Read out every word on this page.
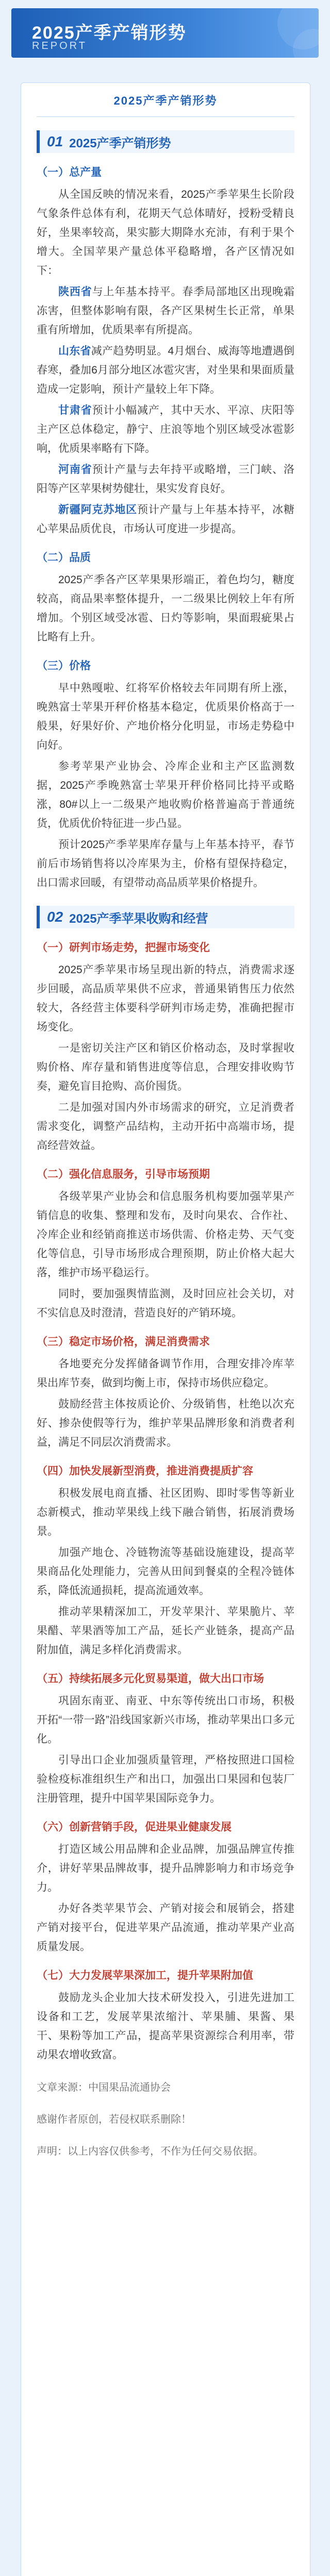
2025产季产销形势
REPORT
2025产季产销形势
01 2025产季产销形势
（一）总产量

从全国反映的情况来看，2025产季苹果生长阶段气象条件总体有利，花期天气总体晴好，授粉受精良好，坐果率较高，果实膨大期降水充沛，有利于果个增大。全国苹果产量总体平稳略增，各产区情况如下：

陕西省与上年基本持平。春季局部地区出现晚霜冻害，但整体影响有限，各产区果树生长正常，单果重有所增加，优质果率有所提高。

山东省减产趋势明显。4月烟台、威海等地遭遇倒春寒，叠加6月部分地区冰雹灾害，对坐果和果面质量造成一定影响，预计产量较上年下降。

甘肃省预计小幅减产，其中天水、平凉、庆阳等主产区总体稳定，静宁、庄浪等地个别区域受冰雹影响，优质果率略有下降。

河南省预计产量与去年持平或略增，三门峡、洛阳等产区苹果树势健壮，果实发育良好。

新疆阿克苏地区预计产量与上年基本持平，冰糖心苹果品质优良，市场认可度进一步提高。

（二）品质

2025产季各产区苹果果形端正，着色均匀，糖度较高，商品果率整体提升，一二级果比例较上年有所增加。个别区域受冰雹、日灼等影响，果面瑕疵果占比略有上升。

（三）价格

早中熟嘎啦、红将军价格较去年同期有所上涨，晚熟富士苹果开秤价格基本稳定，优质果价格高于一般果，好果好价、产地价格分化明显，市场走势稳中向好。

参考苹果产业协会、冷库企业和主产区监测数据，2025产季晚熟富士苹果开秤价格同比持平或略涨，80#以上一二级果产地收购价格普遍高于普通统货，优质优价特征进一步凸显。

预计2025产季苹果库存量与上年基本持平，春节前后市场销售将以冷库果为主，价格有望保持稳定，出口需求回暖，有望带动高品质苹果价格提升。

02 2025产季苹果收购和经营
（一）研判市场走势，把握市场变化

2025产季苹果市场呈现出新的特点，消费需求逐步回暖，高品质苹果供不应求，普通果销售压力依然较大，各经营主体要科学研判市场走势，准确把握市场变化。

一是密切关注产区和销区价格动态，及时掌握收购价格、库存量和销售进度等信息，合理安排收购节奏，避免盲目抢购、高价囤货。

二是加强对国内外市场需求的研究，立足消费者需求变化，调整产品结构，主动开拓中高端市场，提高经营效益。

（二）强化信息服务，引导市场预期

各级苹果产业协会和信息服务机构要加强苹果产销信息的收集、整理和发布，及时向果农、合作社、冷库企业和经销商推送市场供需、价格走势、天气变化等信息，引导市场形成合理预期，防止价格大起大落，维护市场平稳运行。

同时，要加强舆情监测，及时回应社会关切，对不实信息及时澄清，营造良好的产销环境。

（三）稳定市场价格，满足消费需求

各地要充分发挥储备调节作用，合理安排冷库苹果出库节奏，做到均衡上市，保持市场供应稳定。

鼓励经营主体按质论价、分级销售，杜绝以次充好、掺杂使假等行为，维护苹果品牌形象和消费者利益，满足不同层次消费需求。

（四）加快发展新型消费，推进消费提质扩容

积极发展电商直播、社区团购、即时零售等新业态新模式，推动苹果线上线下融合销售，拓展消费场景。

加强产地仓、冷链物流等基础设施建设，提高苹果商品化处理能力，完善从田间到餐桌的全程冷链体系，降低流通损耗，提高流通效率。

推动苹果精深加工，开发苹果汁、苹果脆片、苹果醋、苹果酒等加工产品，延长产业链条，提高产品附加值，满足多样化消费需求。

（五）持续拓展多元化贸易渠道，做大出口市场

巩固东南亚、南亚、中东等传统出口市场，积极开拓“一带一路”沿线国家新兴市场，推动苹果出口多元化。

引导出口企业加强质量管理，严格按照进口国检验检疫标准组织生产和出口，加强出口果园和包装厂注册管理，提升中国苹果国际竞争力。

（六）创新营销手段，促进果业健康发展

打造区域公用品牌和企业品牌，加强品牌宣传推介，讲好苹果品牌故事，提升品牌影响力和市场竞争力。

办好各类苹果节会、产销对接会和展销会，搭建产销对接平台，促进苹果产品流通，推动苹果产业高质量发展。

（七）大力发展苹果深加工，提升苹果附加值

鼓励龙头企业加大技术研发投入，引进先进加工设备和工艺，发展苹果浓缩汁、苹果脯、果酱、果干、果粉等加工产品，提高苹果资源综合利用率，带动果农增收致富。

文章来源：中国果品流通协会

感谢作者原创，若侵权联系删除！

声明：以上内容仅供参考，不作为任何交易依据。
